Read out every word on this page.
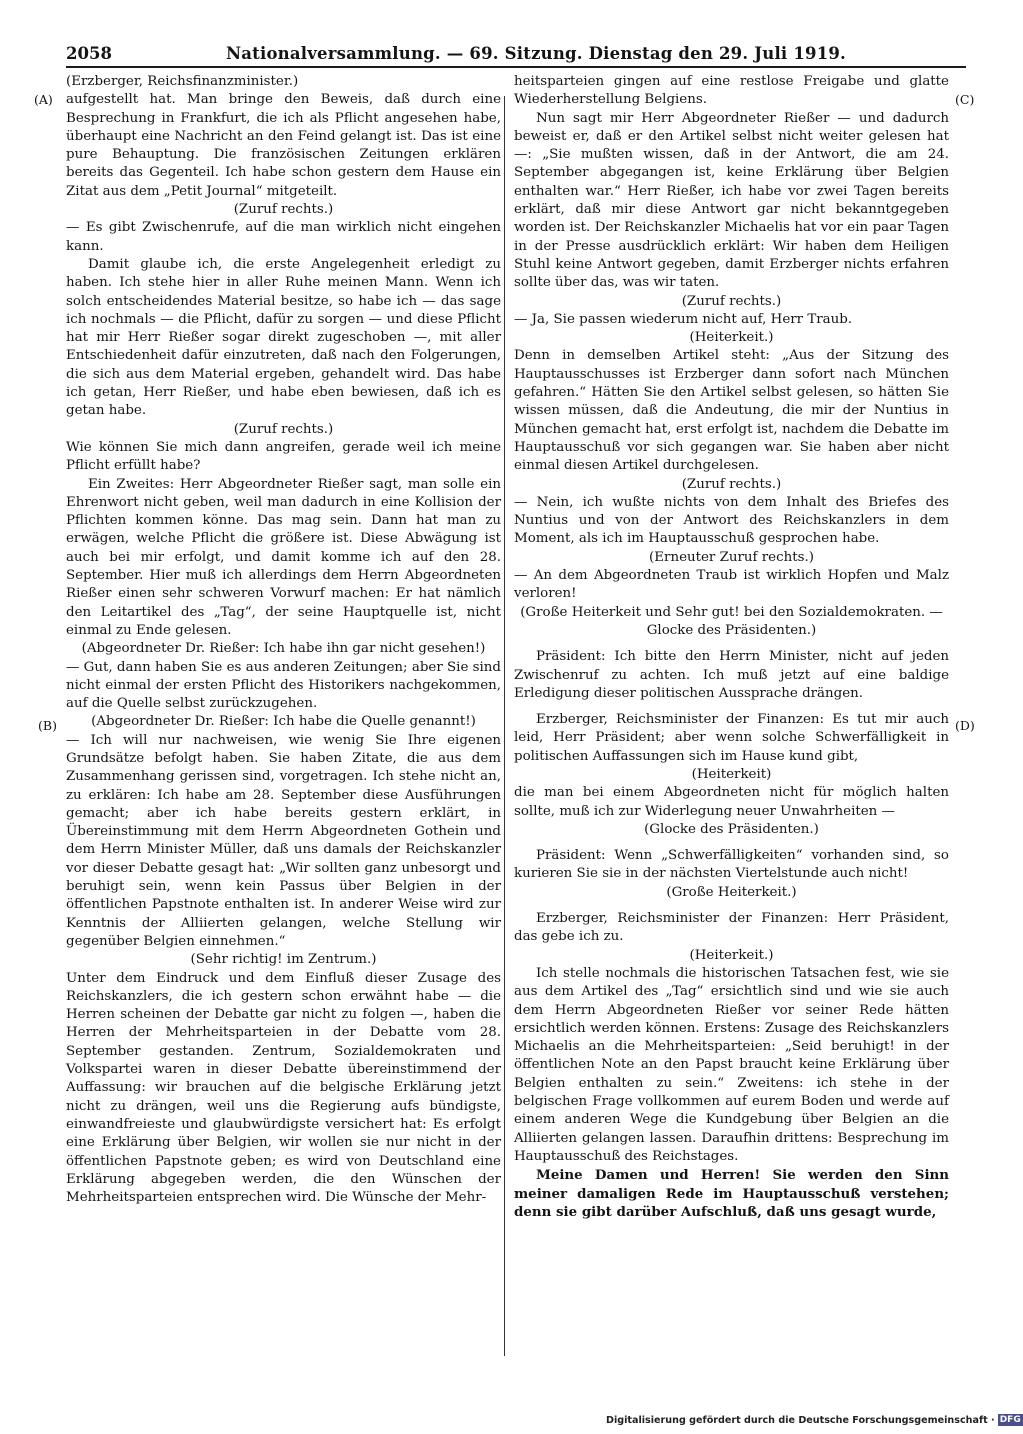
2058	Nationalversammlung. — 69. Sitzung. Dienstag den 29. Juli 1919.
(A)
(B)
(C)
(D)

(Erzberger, Reichsfinanzminister.)

aufgestellt hat. Man bringe den Beweis, daß durch eine Besprechung in Frankfurt, die ich als Pflicht angesehen habe, überhaupt eine Nachricht an den Feind gelangt ist. Das ist eine pure Behauptung. Die französischen Zeitungen erklären bereits das Gegenteil. Ich habe schon gestern dem Hause ein Zitat aus dem „Petit Journal“ mitgeteilt.

(Zuruf rechts.)

— Es gibt Zwischenrufe, auf die man wirklich nicht eingehen kann.

Damit glaube ich, die erste Angelegenheit erledigt zu haben. Ich stehe hier in aller Ruhe meinen Mann. Wenn ich solch entscheidendes Material besitze, so habe ich — das sage ich nochmals — die Pflicht, dafür zu sorgen — und diese Pflicht hat mir Herr Rießer sogar direkt zugeschoben —, mit aller Entschiedenheit dafür einzutreten, daß nach den Folgerungen, die sich aus dem Material ergeben, gehandelt wird. Das habe ich getan, Herr Rießer, und habe eben bewiesen, daß ich es getan habe.

(Zuruf rechts.)

Wie können Sie mich dann angreifen, gerade weil ich meine Pflicht erfüllt habe?

Ein Zweites: Herr Abgeordneter Rießer sagt, man solle ein Ehrenwort nicht geben, weil man dadurch in eine Kollision der Pflichten kommen könne. Das mag sein. Dann hat man zu erwägen, welche Pflicht die größere ist. Diese Abwägung ist auch bei mir erfolgt, und damit komme ich auf den 28. September. Hier muß ich allerdings dem Herrn Abgeordneten Rießer einen sehr schweren Vorwurf machen: Er hat nämlich den Leitartikel des „Tag“, der seine Hauptquelle ist, nicht einmal zu Ende gelesen.

(Abgeordneter Dr. Rießer: Ich habe ihn gar nicht gesehen!)

— Gut, dann haben Sie es aus anderen Zeitungen; aber Sie sind nicht einmal der ersten Pflicht des Historikers nachgekommen, auf die Quelle selbst zurückzugehen.

(Abgeordneter Dr. Rießer: Ich habe die Quelle genannt!)

— Ich will nur nachweisen, wie wenig Sie Ihre eigenen Grundsätze befolgt haben. Sie haben Zitate, die aus dem Zusammenhang gerissen sind, vorgetragen. Ich stehe nicht an, zu erklären: Ich habe am 28. September diese Ausführungen gemacht; aber ich habe bereits gestern erklärt, in Übereinstimmung mit dem Herrn Abgeordneten Gothein und dem Herrn Minister Müller, daß uns damals der Reichskanzler vor dieser Debatte gesagt hat: „Wir sollten ganz unbesorgt und beruhigt sein, wenn kein Passus über Belgien in der öffentlichen Papstnote enthalten ist. In anderer Weise wird zur Kenntnis der Alliierten gelangen, welche Stellung wir gegenüber Belgien einnehmen.“

(Sehr richtig! im Zentrum.)

Unter dem Eindruck und dem Einfluß dieser Zusage des Reichskanzlers, die ich gestern schon erwähnt habe — die Herren scheinen der Debatte gar nicht zu folgen —, haben die Herren der Mehrheitsparteien in der Debatte vom 28. September gestanden. Zentrum, Sozialdemokraten und Volkspartei waren in dieser Debatte übereinstimmend der Auffassung: wir brauchen auf die belgische Erklärung jetzt nicht zu drängen, weil uns die Regierung aufs bündigste, einwandfreieste und glaubwürdigste versichert hat: Es erfolgt eine Erklärung über Belgien, wir wollen sie nur nicht in der öffentlichen Papstnote geben; es wird von Deutschland eine Erklärung abgegeben werden, die den Wünschen der Mehrheitsparteien entsprechen wird. Die Wünsche der Mehr-

heitsparteien gingen auf eine restlose Freigabe und glatte Wiederherstellung Belgiens.

Nun sagt mir Herr Abgeordneter Rießer — und dadurch beweist er, daß er den Artikel selbst nicht weiter gelesen hat —: „Sie mußten wissen, daß in der Antwort, die am 24. September abgegangen ist, keine Erklärung über Belgien enthalten war.“ Herr Rießer, ich habe vor zwei Tagen bereits erklärt, daß mir diese Antwort gar nicht bekanntgegeben worden ist. Der Reichskanzler Michaelis hat vor ein paar Tagen in der Presse ausdrücklich erklärt: Wir haben dem Heiligen Stuhl keine Antwort gegeben, damit Erzberger nichts erfahren sollte über das, was wir taten.

(Zuruf rechts.)

— Ja, Sie passen wiederum nicht auf, Herr Traub.

(Heiterkeit.)

Denn in demselben Artikel steht: „Aus der Sitzung des Hauptausschusses ist Erzberger dann sofort nach München gefahren.“ Hätten Sie den Artikel selbst gelesen, so hätten Sie wissen müssen, daß die Andeutung, die mir der Nuntius in München gemacht hat, erst erfolgt ist, nachdem die Debatte im Hauptausschuß vor sich gegangen war. Sie haben aber nicht einmal diesen Artikel durchgelesen.

(Zuruf rechts.)

— Nein, ich wußte nichts von dem Inhalt des Briefes des Nuntius und von der Antwort des Reichskanzlers in dem Moment, als ich im Hauptausschuß gesprochen habe.

(Erneuter Zuruf rechts.)

— An dem Abgeordneten Traub ist wirklich Hopfen und Malz verloren!

(Große Heiterkeit und Sehr gut! bei den Sozialdemokraten. — Glocke des Präsidenten.)

Präsident: Ich bitte den Herrn Minister, nicht auf jeden Zwischenruf zu achten. Ich muß jetzt auf eine baldige Erledigung dieser politischen Aussprache drängen.

Erzberger, Reichsminister der Finanzen: Es tut mir auch leid, Herr Präsident; aber wenn solche Schwerfälligkeit in politischen Auffassungen sich im Hause kund gibt,

(Heiterkeit)

die man bei einem Abgeordneten nicht für möglich halten sollte, muß ich zur Widerlegung neuer Unwahrheiten —

(Glocke des Präsidenten.)

Präsident: Wenn „Schwerfälligkeiten“ vorhanden sind, so kurieren Sie sie in der nächsten Viertelstunde auch nicht!

(Große Heiterkeit.)

Erzberger, Reichsminister der Finanzen: Herr Präsident, das gebe ich zu.

(Heiterkeit.)

Ich stelle nochmals die historischen Tatsachen fest, wie sie aus dem Artikel des „Tag“ ersichtlich sind und wie sie auch dem Herrn Abgeordneten Rießer vor seiner Rede hätten ersichtlich werden können. Erstens: Zusage des Reichskanzlers Michaelis an die Mehrheitsparteien: „Seid beruhigt! in der öffentlichen Note an den Papst braucht keine Erklärung über Belgien enthalten zu sein.“ Zweitens: ich stehe in der belgischen Frage vollkommen auf eurem Boden und werde auf einem anderen Wege die Kundgebung über Belgien an die Alliierten gelangen lassen. Daraufhin drittens: Besprechung im Hauptausschuß des Reichstages.

Meine Damen und Herren! Sie werden den Sinn meiner damaligen Rede im Hauptausschuß verstehen; denn sie gibt darüber Aufschluß, daß uns gesagt wurde,

Digitalisierung gefördert durch die Deutsche Forschungsgemeinschaft · DFG
